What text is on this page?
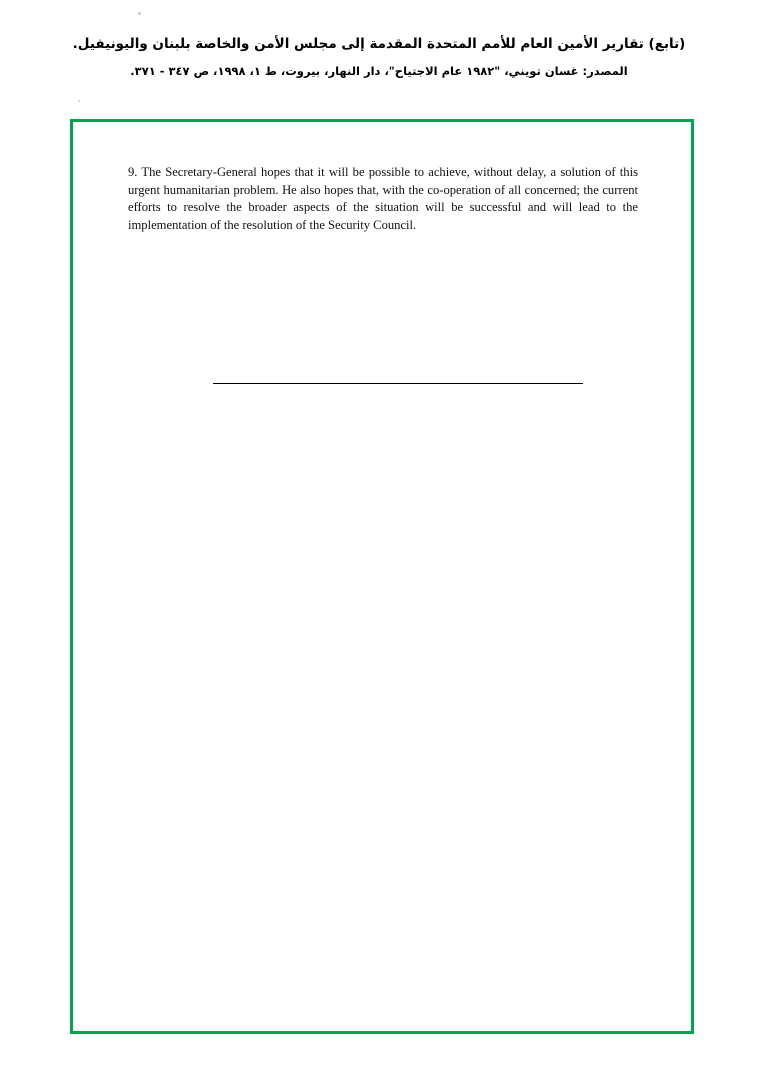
(تابع) تقارير الأمين العام للأمم المتحدة المقدمة إلى مجلس الأمن والخاصة بلبنان واليونيفيل.
المصدر: غسان تويني، "١٩٨٢ عام الاجتياح"، دار النهار، بيروت، ط ١، ١٩٩٨، ص ٣٤٧ - ٣٧١.
9. The Secretary-General hopes that it will be possible to achieve, without delay, a solution of this urgent humanitarian problem. He also hopes that, with the co-operation of all concerned; the current efforts to resolve the broader aspects of the situation will be successful and will lead to the implementation of the resolution of the Security Council.
